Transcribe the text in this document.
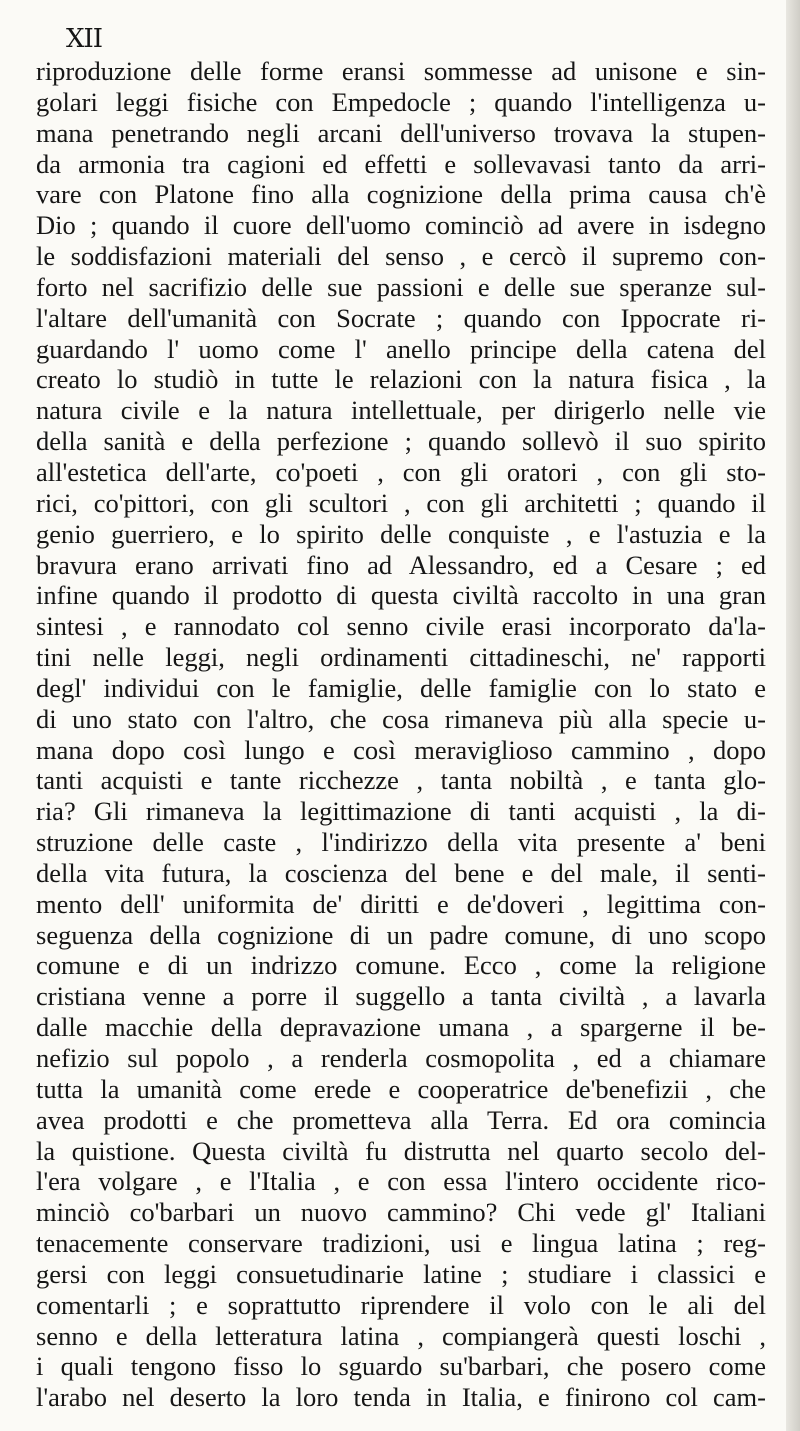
XII
riproduzione delle forme eransi sommesse ad unisone e sin-
golari leggi fisiche con Empedocle ; quando l'intelligenza u-
mana penetrando negli arcani dell'universo trovava la stupen-
da armonia tra cagioni ed effetti e sollevavasi tanto da arri-
vare con Platone fino alla cognizione della prima causa ch'è
Dio ; quando il cuore dell'uomo cominciò ad avere in isdegno
le soddisfazioni materiali del senso , e cercò il supremo con-
forto nel sacrifizio delle sue passioni e delle sue speranze sul-
l'altare dell'umanità con Socrate ; quando con Ippocrate ri-
guardando l' uomo come l' anello principe della catena del
creato lo studiò in tutte le relazioni con la natura fisica , la
natura civile e la natura intellettuale, per dirigerlo nelle vie
della sanità e della perfezione ; quando sollevò il suo spirito
all'estetica dell'arte, co'poeti , con gli oratori , con gli sto-
rici, co'pittori, con gli scultori , con gli architetti ; quando il
genio guerriero, e lo spirito delle conquiste , e l'astuzia e la
bravura erano arrivati fino ad Alessandro, ed a Cesare ; ed
infine quando il prodotto di questa civiltà raccolto in una gran
sintesi , e rannodato col senno civile erasi incorporato da'la-
tini nelle leggi, negli ordinamenti cittadineschi, ne' rapporti
degl' individui con le famiglie, delle famiglie con lo stato e
di uno stato con l'altro, che cosa rimaneva più alla specie u-
mana dopo così lungo e così meraviglioso cammino , dopo
tanti acquisti e tante ricchezze , tanta nobiltà , e tanta glo-
ria? Gli rimaneva la legittimazione di tanti acquisti , la di-
struzione delle caste , l'indirizzo della vita presente a' beni
della vita futura, la coscienza del bene e del male, il senti-
mento dell' uniformita de' diritti e de'doveri , legittima con-
seguenza della cognizione di un padre comune, di uno scopo
comune e di un indrizzo comune. Ecco , come la religione
cristiana venne a porre il suggello a tanta civiltà , a lavarla
dalle macchie della depravazione umana , a spargerne il be-
nefizio sul popolo , a renderla cosmopolita , ed a chiamare
tutta la umanità come erede e cooperatrice de'benefizii , che
avea prodotti e che prometteva alla Terra. Ed ora comincia
la quistione. Questa civiltà fu distrutta nel quarto secolo del-
l'era volgare , e l'Italia , e con essa l'intero occidente rico-
minciò co'barbari un nuovo cammino? Chi vede gl' Italiani
tenacemente conservare tradizioni, usi e lingua latina ; reg-
gersi con leggi consuetudinarie latine ; studiare i classici e
comentarli ; e soprattutto riprendere il volo con le ali del
senno e della letteratura latina , compiangerà questi loschi ,
i quali tengono fisso lo sguardo su'barbari, che posero come
l'arabo nel deserto la loro tenda in Italia, e finirono col cam-
